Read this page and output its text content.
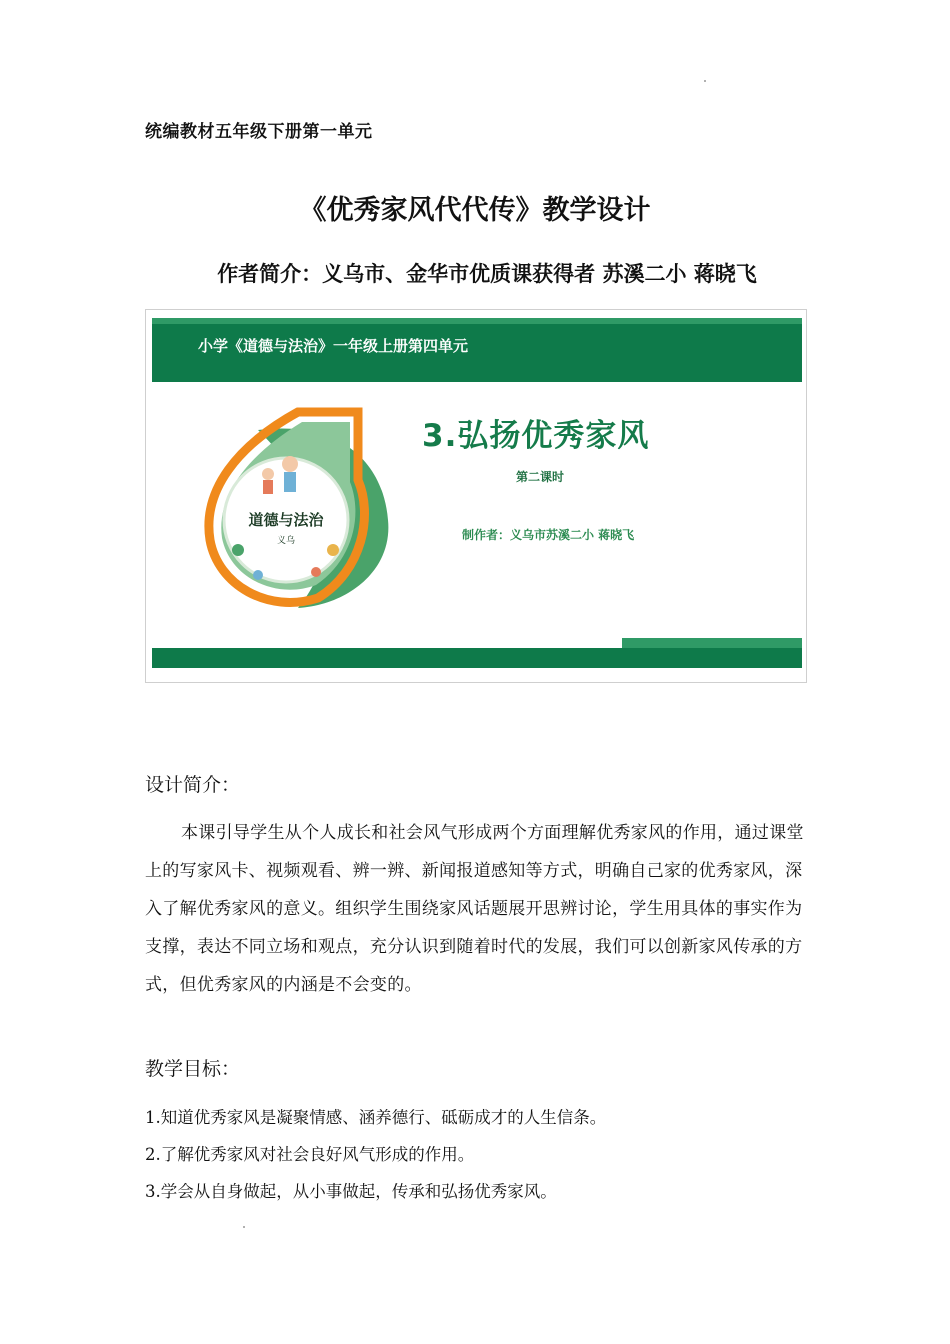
统编教材五年级下册第一单元
《优秀家风代代传》教学设计
作者简介：义乌市、金华市优质课获得者 苏溪二小 蒋晓飞
小学《道德与法治》一年级上册第四单元
道德与法治
义乌
3.弘扬优秀家风
第二课时
制作者：义乌市苏溪二小 蒋晓飞
设计简介：
本课引导学生从个人成长和社会风气形成两个方面理解优秀家风的作用，通过课堂上的写家风卡、视频观看、辨一辨、新闻报道感知等方式，明确自己家的优秀家风，深入了解优秀家风的意义。组织学生围绕家风话题展开思辨讨论，学生用具体的事实作为支撑，表达不同立场和观点，充分认识到随着时代的发展，我们可以创新家风传承的方式，但优秀家风的内涵是不会变的。
教学目标：
1.知道优秀家风是凝聚情感、涵养德行、砥砺成才的人生信条。
2.了解优秀家风对社会良好风气形成的作用。
3.学会从自身做起，从小事做起，传承和弘扬优秀家风。
